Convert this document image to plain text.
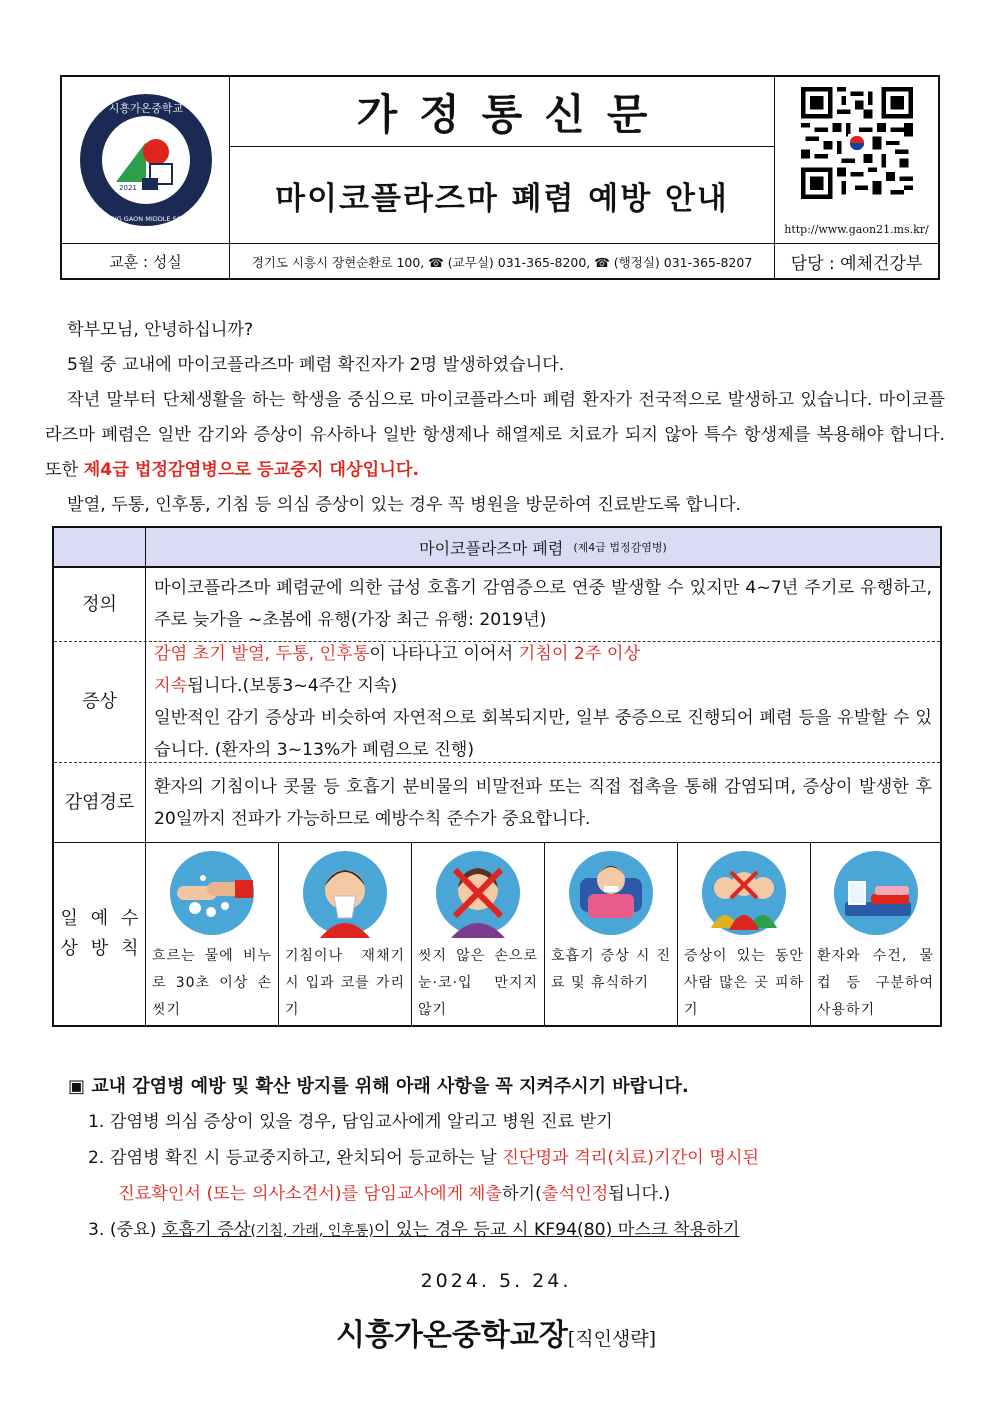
시흥가온중학교
SIHEUNG GAON MIDDLE SCHOOL
2021
가정통신문
마이코플라즈마 폐렴 예방 안내
http://www.gaon21.ms.kr/
교훈 : 성실	경기도 시흥시 장현순환로 100, ☎ (교무실) 031-365-8200, ☎ (행정실) 031-365-8207	담당 : 예체건강부

학부모님, 안녕하십니까?

5월 중 교내에 마이코플라즈마 폐렴 확진자가 2명 발생하였습니다.

작년 말부터 단체생활을 하는 학생을 중심으로 마이코플라스마 폐렴 환자가 전국적으로 발생하고 있습니다. 마이코플라즈마 폐렴은 일반 감기와 증상이 유사하나 일반 항생제나 해열제로 치료가 되지 않아 특수 항생제를 복용해야 합니다. 또한 제4급 법정감염병으로 등교중지 대상입니다.

발열, 두통, 인후통, 기침 등 의심 증상이 있는 경우 꼭 병원을 방문하여 진료받도록 합니다.

마이코플라즈마 폐렴 (제4급 법정감염병)
정의
마이코플라즈마 폐렴균에 의한 급성 호흡기 감염증으로 연중 발생할 수 있지만 4~7년 주기로 유행하고, 주로 늦가을 ~초봄에 유행(가장 최근 유행: 2019년)
증상
감염 초기 발열, 두통, 인후통이 나타나고 이어서 기침이 2주 이상
지속됩니다.(보통3~4주간 지속)
일반적인 감기 증상과 비슷하여 자연적으로 회복되지만, 일부 중증으로 진행되어 폐렴 등을 유발할 수 있습니다. (환자의 3~13%가 폐렴으로 진행)
감염 경로
환자의 기침이나 콧물 등 호흡기 분비물의 비말전파 또는 직접 접촉을 통해 감염되며, 증상이 발생한 후 20일까지 전파가 가능하므로 예방수칙 준수가 중요합니다.
일상

예방

수칙 흐르는 물에 비누로 30초 이상 손 씻기
기침이나 재채기 시 입과 코를 가리기
씻지 않은 손으로 눈·코·입 만지지 않기
호흡기 증상 시 진료 및 휴식하기
증상이 있는 동안 사람 많은 곳 피하기
환자와 수건, 물컵 등 구분하여 사용하기
▣ 교내 감염병 예방 및 확산 방지를 위해 아래 사항을 꼭 지켜주시기 바랍니다.
1. 감염병 의심 증상이 있을 경우, 담임교사에게 알리고 병원 진료 받기
2. 감염병 확진 시 등교중지하고, 완치되어 등교하는 날 진단명과 격리(치료)기간이 명시된
진료확인서 (또는 의사소견서)를 담임교사에게 제출하기(출석인정됩니다.)
3. (중요) 호흡기 증상(기침, 가래, 인후통)이 있는 경우 등교 시 KF94(80) 마스크 착용하기
2024. 5. 24.
시흥가온중학교장[직인생략]
